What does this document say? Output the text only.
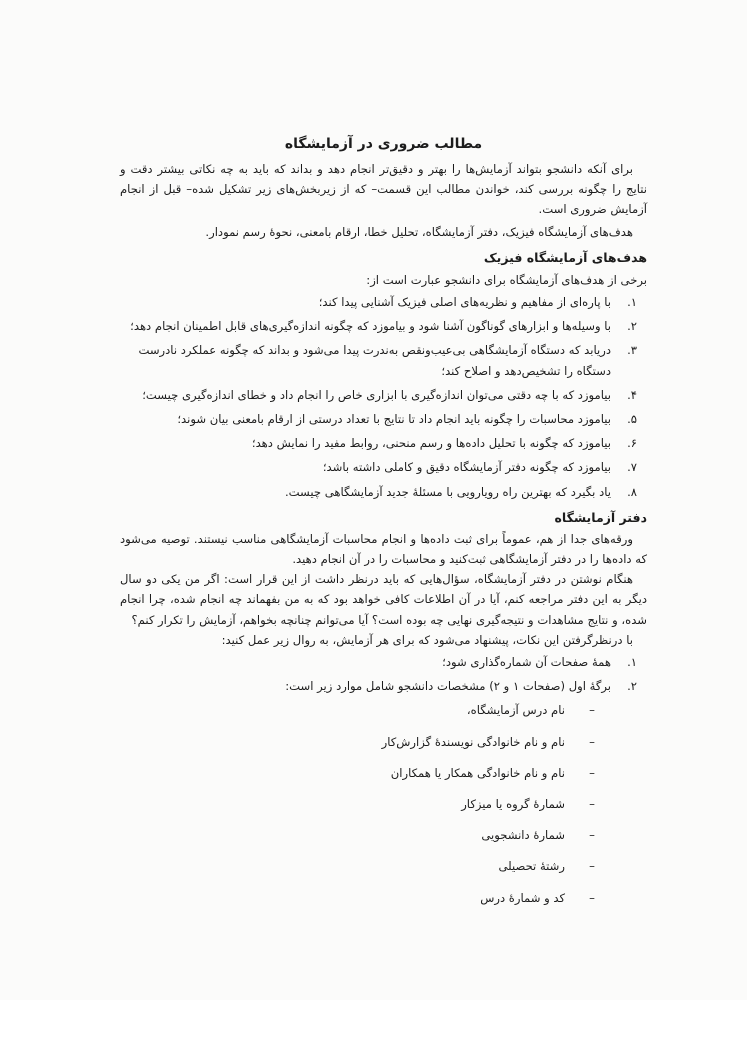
مطالب ضروری در آزمایشگاه

برای آنکه دانشجو بتواند آزمایش‌ها را بهتر و دقیق‌تر انجام دهد و بداند که باید به چه نکاتی بیشتر دقت و نتایج را چگونه بررسی کند، خواندن مطالب این قسمت– که از زیربخش‌های زیر تشکیل شده– قبل از انجام آزمایش ضروری است.

هدف‌های آزمایشگاه فیزیک، دفتر آزمایشگاه، تحلیل خطا، ارقام بامعنی، نحوهٔ رسم نمودار.

هدف‌های آزمایشگاه فیزیک

برخی از هدف‌های آزمایشگاه برای دانشجو عبارت است از:

۱.
با پاره‌ای از مفاهیم و نظریه‌های اصلی فیزیک آشنایی پیدا کند؛
۲.
با وسیله‌ها و ابزارهای گوناگون آشنا شود و بیاموزد که چگونه اندازه‌گیری‌های قابل اطمینان انجام دهد؛
۳.
دریابد که دستگاه آزمایشگاهی بی‌عیب‌ونقص به‌ندرت پیدا می‌شود و بداند که چگونه عملکرد نادرست دستگاه را تشخیص‌دهد و اصلاح کند؛
۴.
بیاموزد که با چه دقتی می‌توان اندازه‌گیری با ابزاری خاص را انجام داد و خطای اندازه‌گیری چیست؛
۵.
بیاموزد محاسبات را چگونه باید انجام داد تا نتایج با تعداد درستی از ارقام بامعنی بیان شوند؛
۶.
بیاموزد که چگونه با تحلیل داده‌ها و رسم منحنی، روابط مفید را نمایش دهد؛
۷.
بیاموزد که چگونه دفتر آزمایشگاه دقیق و کاملی داشته باشد؛
۸.
یاد بگیرد که بهترین راه رویارویی با مسئلهٔ جدید آزمایشگاهی چیست.
دفتر آزمایشگاه

ورقه‌های جدا از هم، عموماً برای ثبت داده‌ها و انجام محاسبات آزمایشگاهی مناسب نیستند. توصیه می‌شود که داده‌ها را در دفتر آزمایشگاهی ثبت‌کنید و محاسبات را در آن انجام دهید.

هنگام نوشتن در دفتر آزمایشگاه، سؤال‌هایی که باید درنظر داشت از این قرار است: اگر من یکی دو سال دیگر به این دفتر مراجعه کنم، آیا در آن اطلاعات کافی خواهد بود که به من بفهماند چه انجام شده، چرا انجام شده، و نتایج مشاهدات و نتیجه‌گیری نهایی چه بوده است؟ آیا می‌توانم چنانچه بخواهم، آزمایش را تکرار کنم؟

با درنظرگرفتن این نکات، پیشنهاد می‌شود که برای هر آزمایش، به روال زیر عمل کنید:

۱.
همهٔ صفحات آن شماره‌گذاری شود؛
۲.
برگهٔ اول (صفحات ۱ و ۲) مشخصات دانشجو شامل موارد زیر است:
–
نام درس آزمایشگاه،
–
نام و نام خانوادگی نویسندهٔ گزارش‌کار
–
نام و نام خانوادگی همکار یا همکاران
–
شمارهٔ گروه یا میزکار
–
شمارهٔ دانشجویی
–
رشتهٔ تحصیلی
–
کد و شمارهٔ درس
